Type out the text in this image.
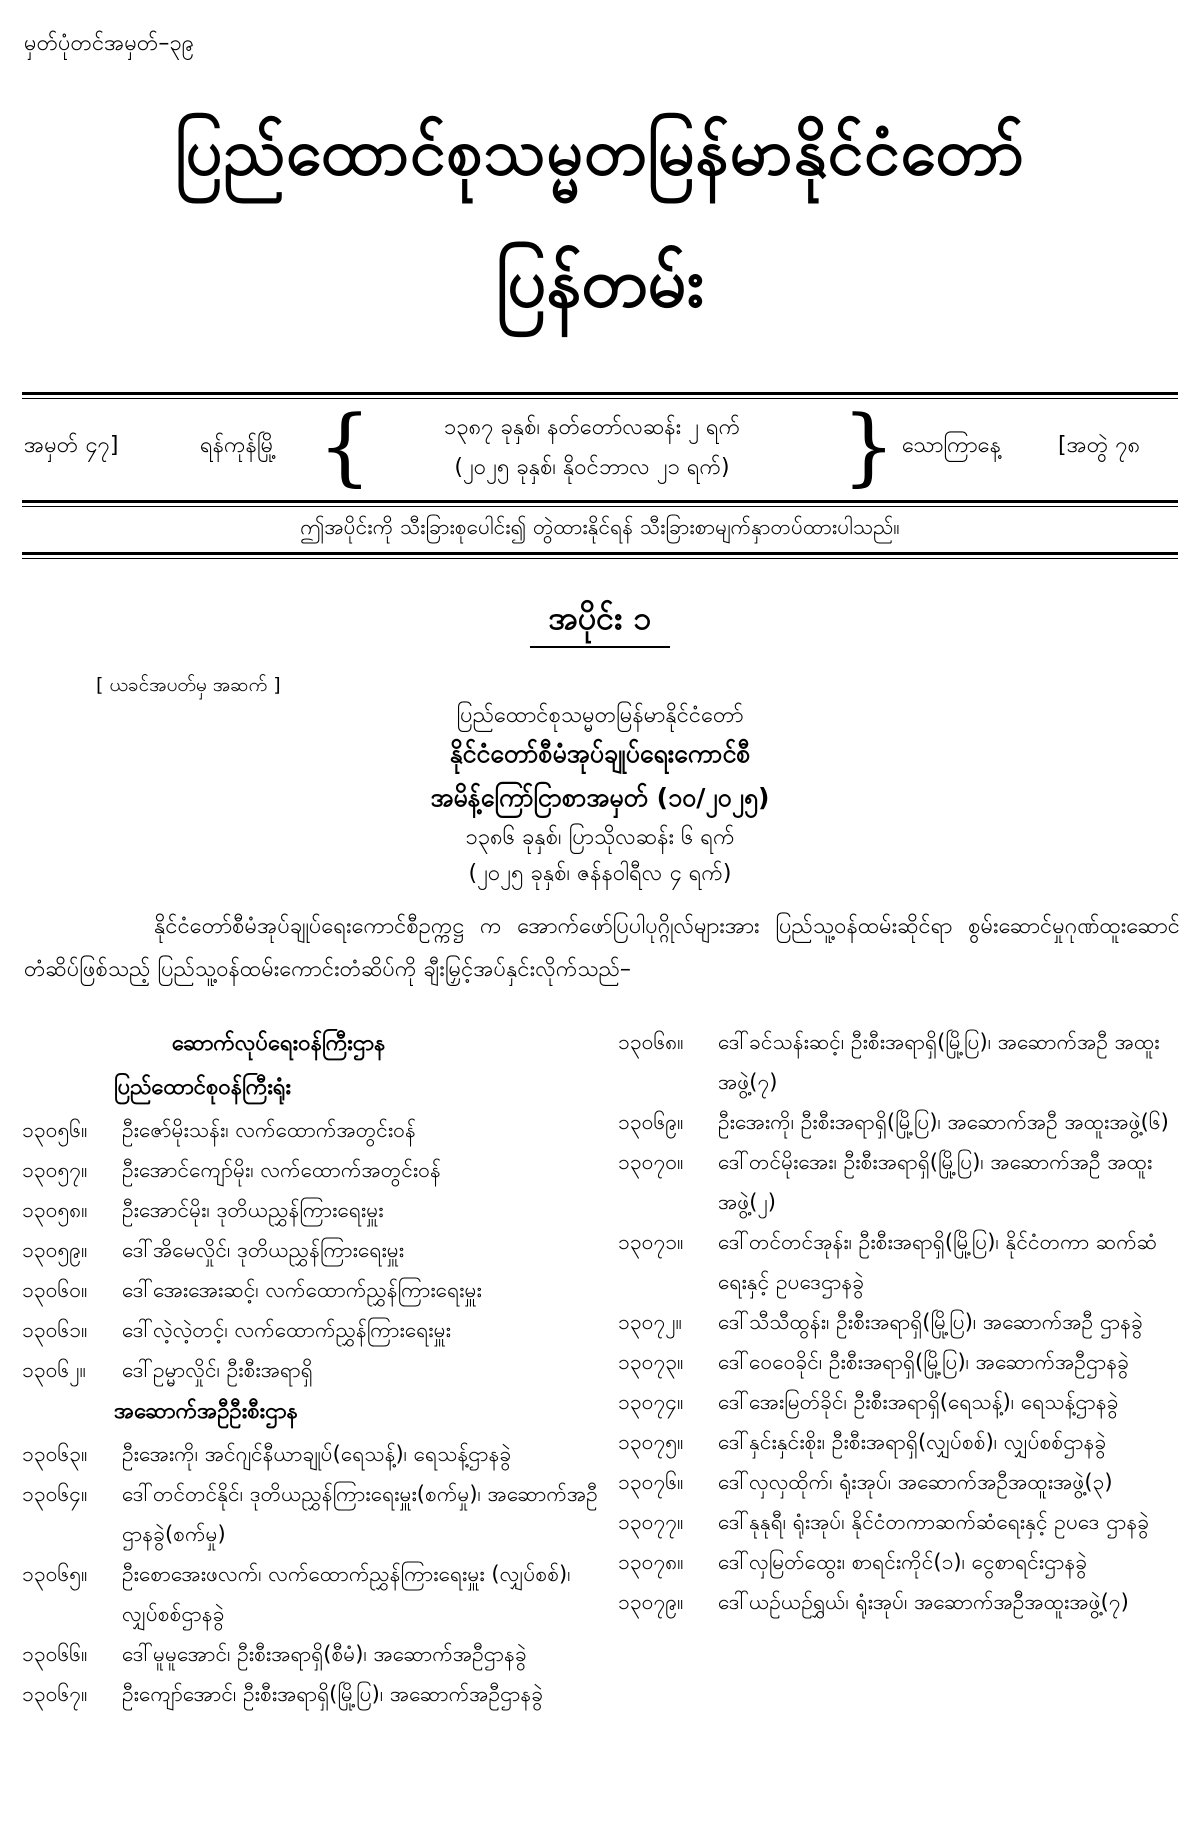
မှတ်ပုံတင်အမှတ်–၃၉
ပြည်ထောင်စုသမ္မတမြန်မာနိုင်ငံတော်
ပြန်တမ်း
အမှတ် ၄၇]	ရန်ကုန်မြို့ {	၁၃၈၇ ခုနှစ်၊ နတ်တော်လဆန်း ၂ ရက်
(၂၀၂၅ ခုနှစ်၊ နိုဝင်ဘာလ ၂၁ ရက်)	} သောကြာနေ့	[အတွဲ ၇၈
ဤအပိုင်းကို သီးခြားစုပေါင်း၍ တွဲထားနိုင်ရန် သီးခြားစာမျက်နှာတပ်ထားပါသည်။
အပိုင်း ၁
[ ယခင်အပတ်မှ အဆက် ]
ပြည်ထောင်စုသမ္မတမြန်မာနိုင်ငံတော်
နိုင်ငံတော်စီမံအုပ်ချုပ်ရေးကောင်စီ
အမိန့်ကြော်ငြာစာအမှတ် (၁၀/၂၀၂၅)
၁၃၈၆ ခုနှစ်၊ ပြာသိုလဆန်း ၆ ရက်
(၂၀၂၅ ခုနှစ်၊ ဇန်နဝါရီလ ၄ ရက်)
နိုင်ငံတော်စီမံအုပ်ချုပ်ရေးကောင်စီဥက္ကဋ္ဌ က အောက်ဖော်ပြပါပုဂ္ဂိုလ်များအား ပြည်သူ့ဝန်ထမ်းဆိုင်ရာ စွမ်းဆောင်မှုဂုဏ်ထူးဆောင်တံဆိပ်ဖြစ်သည့် ပြည်သူ့ဝန်ထမ်းကောင်းတံဆိပ်ကို ချီးမြှင့်အပ်နှင်းလိုက်သည်–
ဆောက်လုပ်ရေးဝန်ကြီးဌာန
ပြည်ထောင်စုဝန်ကြီးရုံး
၁၃၀၅၆။	ဦးဇော်မိုးသန်း၊ လက်ထောက်အတွင်းဝန်
၁၃၀၅၇။	ဦးအောင်ကျော်မိုး၊ လက်ထောက်အတွင်းဝန်
၁၃၀၅၈။	ဦးအောင်မိုး၊ ဒုတိယညွှန်ကြားရေးမှူး
၁၃၀၅၉။	ဒေါ်အိမေလှိုင်၊ ဒုတိယညွှန်ကြားရေးမှူး
၁၃၀၆၀။	ဒေါ်အေးအေးဆင့်၊ လက်ထောက်ညွှန်ကြားရေးမှူး
၁၃၀၆၁။	ဒေါ်လဲ့လဲ့တင့်၊ လက်ထောက်ညွှန်ကြားရေးမှူး
၁၃၀၆၂။	ဒေါ်ဥမ္မာလှိုင်၊ ဦးစီးအရာရှိ
အဆောက်အဦဦးစီးဌာန
၁၃၀၆၃။	ဦးအေးကို၊ အင်ဂျင်နီယာချုပ်(ရေသန့်)၊ ရေသန့်ဌာနခွဲ
၁၃၀၆၄။	ဒေါ်တင်တင်နိုင်၊ ဒုတိယညွှန်ကြားရေးမှူး(စက်မှု)၊ အဆောက်အဦဌာနခွဲ(စက်မှု)
၁၃၀၆၅။	ဦးစောအေးဖလက်၊ လက်ထောက်ညွှန်ကြားရေးမှူး (လျှပ်စစ်)၊ လျှပ်စစ်ဌာနခွဲ
၁၃၀၆၆။	ဒေါ်မူမူအောင်၊ ဦးစီးအရာရှိ(စီမံ)၊ အဆောက်အဦဌာနခွဲ
၁၃၀၆၇။	ဦးကျော်အောင်၊ ဦးစီးအရာရှိ(မြို့ပြ)၊ အဆောက်အဦဌာနခွဲ
၁၃၀၆၈။	ဒေါ်ခင်သန်းဆင့်၊ ဦးစီးအရာရှိ(မြို့ပြ)၊ အဆောက်အဦ အထူးအဖွဲ့(၇)
၁၃၀၆၉။	ဦးအေးကို၊ ဦးစီးအရာရှိ(မြို့ပြ)၊ အဆောက်အဦ အထူးအဖွဲ့(၆)
၁၃၀၇၀။	ဒေါ်တင်မိုးအေး၊ ဦးစီးအရာရှိ(မြို့ပြ)၊ အဆောက်အဦ အထူးအဖွဲ့(၂)
၁၃၀၇၁။	ဒေါ်တင်တင်အုန်း၊ ဦးစီးအရာရှိ(မြို့ပြ)၊ နိုင်ငံတကာ ဆက်ဆံရေးနှင့် ဥပဒေဌာနခွဲ
၁၃၀၇၂။	ဒေါ်သီသီထွန်း၊ ဦးစီးအရာရှိ(မြို့ပြ)၊ အဆောက်အဦ ဌာနခွဲ
၁၃၀၇၃။	ဒေါ်ဝေဝေခိုင်၊ ဦးစီးအရာရှိ(မြို့ပြ)၊ အဆောက်အဦဌာနခွဲ
၁၃၀၇၄။	ဒေါ်အေးမြတ်ခိုင်၊ ဦးစီးအရာရှိ(ရေသန့်)၊ ရေသန့်ဌာနခွဲ
၁၃၀၇၅။	ဒေါ်နှင်းနှင်းစိုး၊ ဦးစီးအရာရှိ(လျှပ်စစ်)၊ လျှပ်စစ်ဌာနခွဲ
၁၃၀၇၆။	ဒေါ်လှလှထိုက်၊ ရုံးအုပ်၊ အဆောက်အဦအထူးအဖွဲ့(၃)
၁၃၀၇၇။	ဒေါ်နုနုရီ၊ ရုံးအုပ်၊ နိုင်ငံတကာဆက်ဆံရေးနှင့် ဥပဒေ ဌာနခွဲ
၁၃၀၇၈။	ဒေါ်လှမြတ်ထွေး၊ စာရင်းကိုင်(၁)၊ ငွေစာရင်းဌာနခွဲ
၁၃၀၇၉။	ဒေါ်ယဉ်ယဉ်ရွှယ်၊ ရုံးအုပ်၊ အဆောက်အဦအထူးအဖွဲ့(၇)
